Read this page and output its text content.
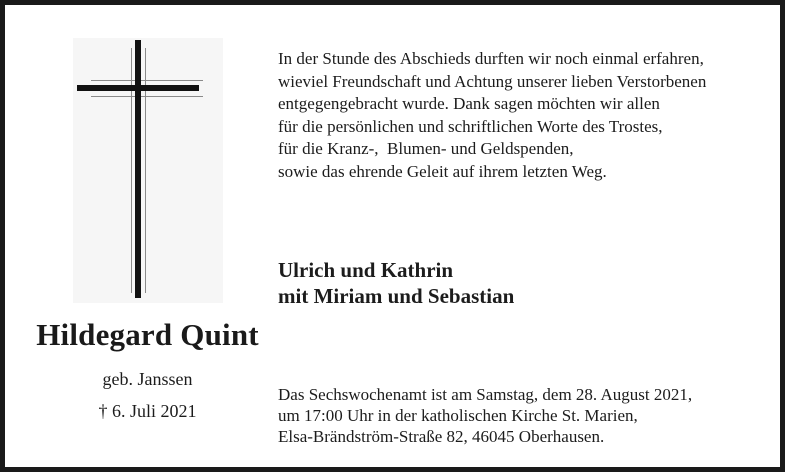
Hildegard Quint
geb. Janssen
† 6. Juli 2021
In der Stunde des Abschieds durften wir noch einmal erfahren,
wieviel Freundschaft und Achtung unserer lieben Verstorbenen
entgegengebracht wurde. Dank sagen möchten wir allen
für die persönlichen und schriftlichen Worte des Trostes,
für die Kranz-,  Blumen- und Geldspenden,
sowie das ehrende Geleit auf ihrem letzten Weg.
Ulrich und Kathrin
mit Miriam und Sebastian
Das Sechswochenamt ist am Samstag, dem 28. August 2021,
um 17:00 Uhr in der katholischen Kirche St. Marien,
Elsa-Brändström-Straße 82, 46045 Oberhausen.
